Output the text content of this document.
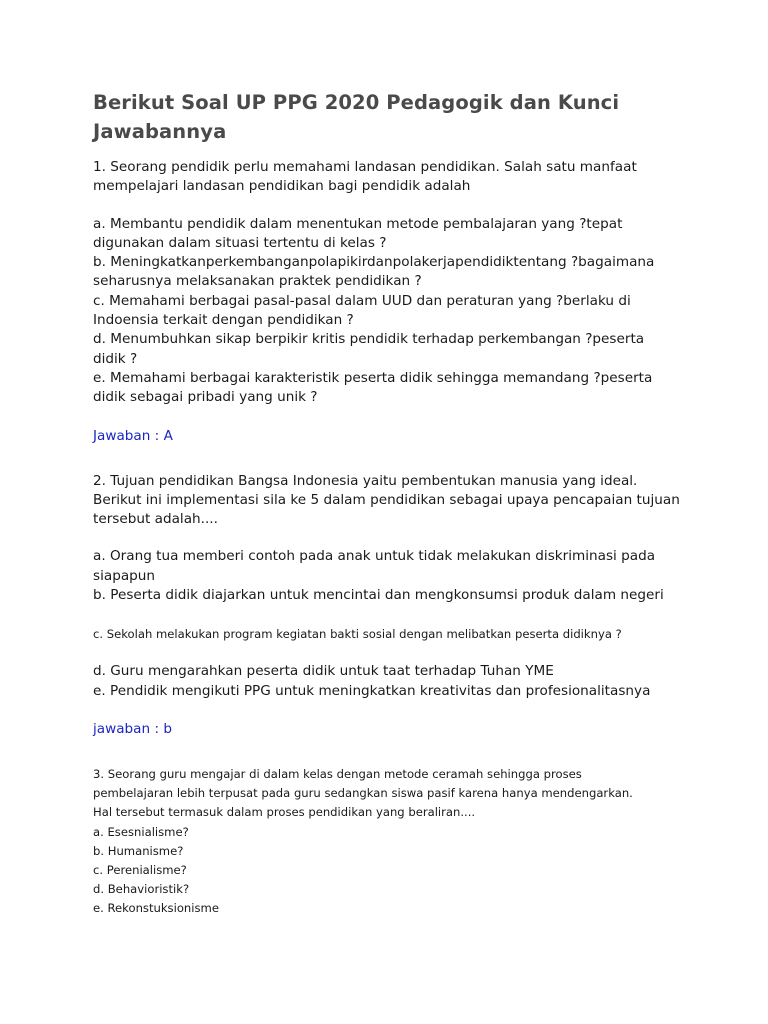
Berikut Soal UP PPG 2020 Pedagogik dan Kunci
Jawabannya
1. Seorang pendidik perlu memahami landasan pendidikan. Salah satu manfaat
mempelajari landasan pendidikan bagi pendidik adalah
a. Membantu pendidik dalam menentukan metode pembalajaran yang ?tepat
digunakan dalam situasi tertentu di kelas ?
b. Meningkatkanperkembanganpolapikirdanpolakerjapendidiktentang ?bagaimana
seharusnya melaksanakan praktek pendidikan ?
c. Memahami berbagai pasal-pasal dalam UUD dan peraturan yang ?berlaku di
Indoensia terkait dengan pendidikan ?
d. Menumbuhkan sikap berpikir kritis pendidik terhadap perkembangan ?peserta
didik ?
e. Memahami berbagai karakteristik peserta didik sehingga memandang ?peserta
didik sebagai pribadi yang unik ?
Jawaban : A
2. Tujuan pendidikan Bangsa Indonesia yaitu pembentukan manusia yang ideal.
Berikut ini implementasi sila ke 5 dalam pendidikan sebagai upaya pencapaian tujuan
tersebut adalah....
a. Orang tua memberi contoh pada anak untuk tidak melakukan diskriminasi pada
siapapun
b. Peserta didik diajarkan untuk mencintai dan mengkonsumsi produk dalam negeri
c. Sekolah melakukan program kegiatan bakti sosial dengan melibatkan peserta didiknya ?
d. Guru mengarahkan peserta didik untuk taat terhadap Tuhan YME
e. Pendidik mengikuti PPG untuk meningkatkan kreativitas dan profesionalitasnya
jawaban : b
3. Seorang guru mengajar di dalam kelas dengan metode ceramah sehingga proses
pembelajaran lebih terpusat pada guru sedangkan siswa pasif karena hanya mendengarkan.
Hal tersebut termasuk dalam proses pendidikan yang beraliran....
a. Esesnialisme?
b. Humanisme?
c. Perenialisme?
d. Behavioristik?
e. Rekonstuksionisme
